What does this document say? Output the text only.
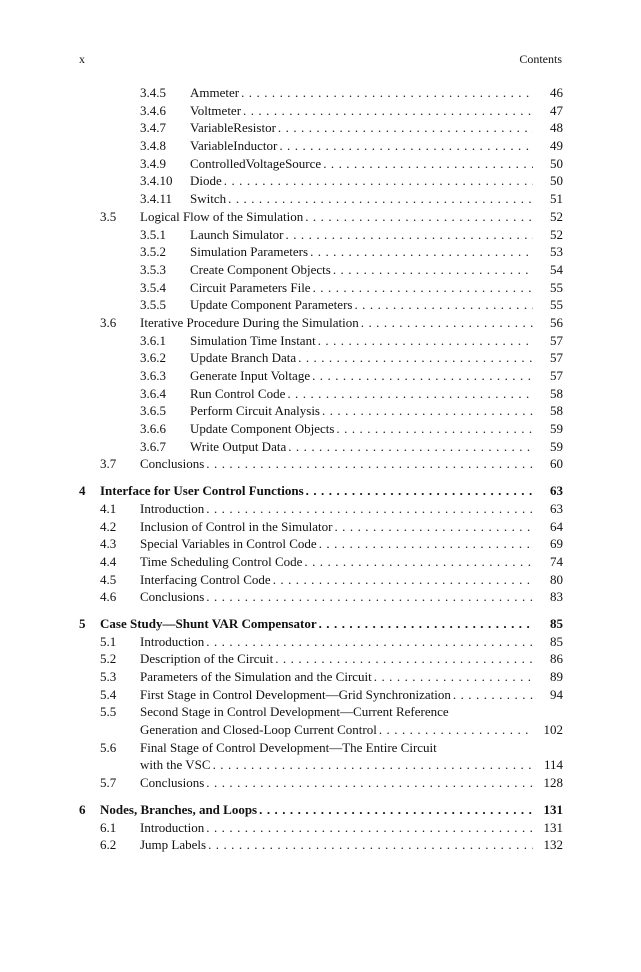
x	Contents
3.4.5 Ammeter . . .	46
3.4.6 Voltmeter . . .	47
3.4.7 VariableResistor . . .	48
3.4.8 VariableInductor . . .	49
3.4.9 ControlledVoltageSource . . .	50
3.4.10 Diode . . .	50
3.4.11 Switch . . .	51
3.5 Logical Flow of the Simulation . . .	52
3.5.1 Launch Simulator . . .	52
3.5.2 Simulation Parameters . . .	53
3.5.3 Create Component Objects . . .	54
3.5.4 Circuit Parameters File . . .	55
3.5.5 Update Component Parameters . . .	55
3.6 Iterative Procedure During the Simulation . . .	56
3.6.1 Simulation Time Instant . . .	57
3.6.2 Update Branch Data . . .	57
3.6.3 Generate Input Voltage . . .	57
3.6.4 Run Control Code . . .	58
3.6.5 Perform Circuit Analysis . . .	58
3.6.6 Update Component Objects . . .	59
3.6.7 Write Output Data . . .	59
3.7 Conclusions . . .	60
4 Interface for User Control Functions . . .	63
4.1 Introduction . . .	63
4.2 Inclusion of Control in the Simulator . . .	64
4.3 Special Variables in Control Code . . .	69
4.4 Time Scheduling Control Code . . .	74
4.5 Interfacing Control Code . . .	80
4.6 Conclusions . . .	83
5 Case Study—Shunt VAR Compensator . . .	85
5.1 Introduction . . .	85
5.2 Description of the Circuit . . .	86
5.3 Parameters of the Simulation and the Circuit . . .	89
5.4 First Stage in Control Development—Grid Synchronization . . .	94
5.5 Second Stage in Control Development—Current Reference
Generation and Closed-Loop Current Control . . .	102
5.6 Final Stage of Control Development—The Entire Circuit
with the VSC . . .	114
5.7 Conclusions . . .	128
6 Nodes, Branches, and Loops . . .	131
6.1 Introduction . . .	131
6.2 Jump Labels . . .	132
